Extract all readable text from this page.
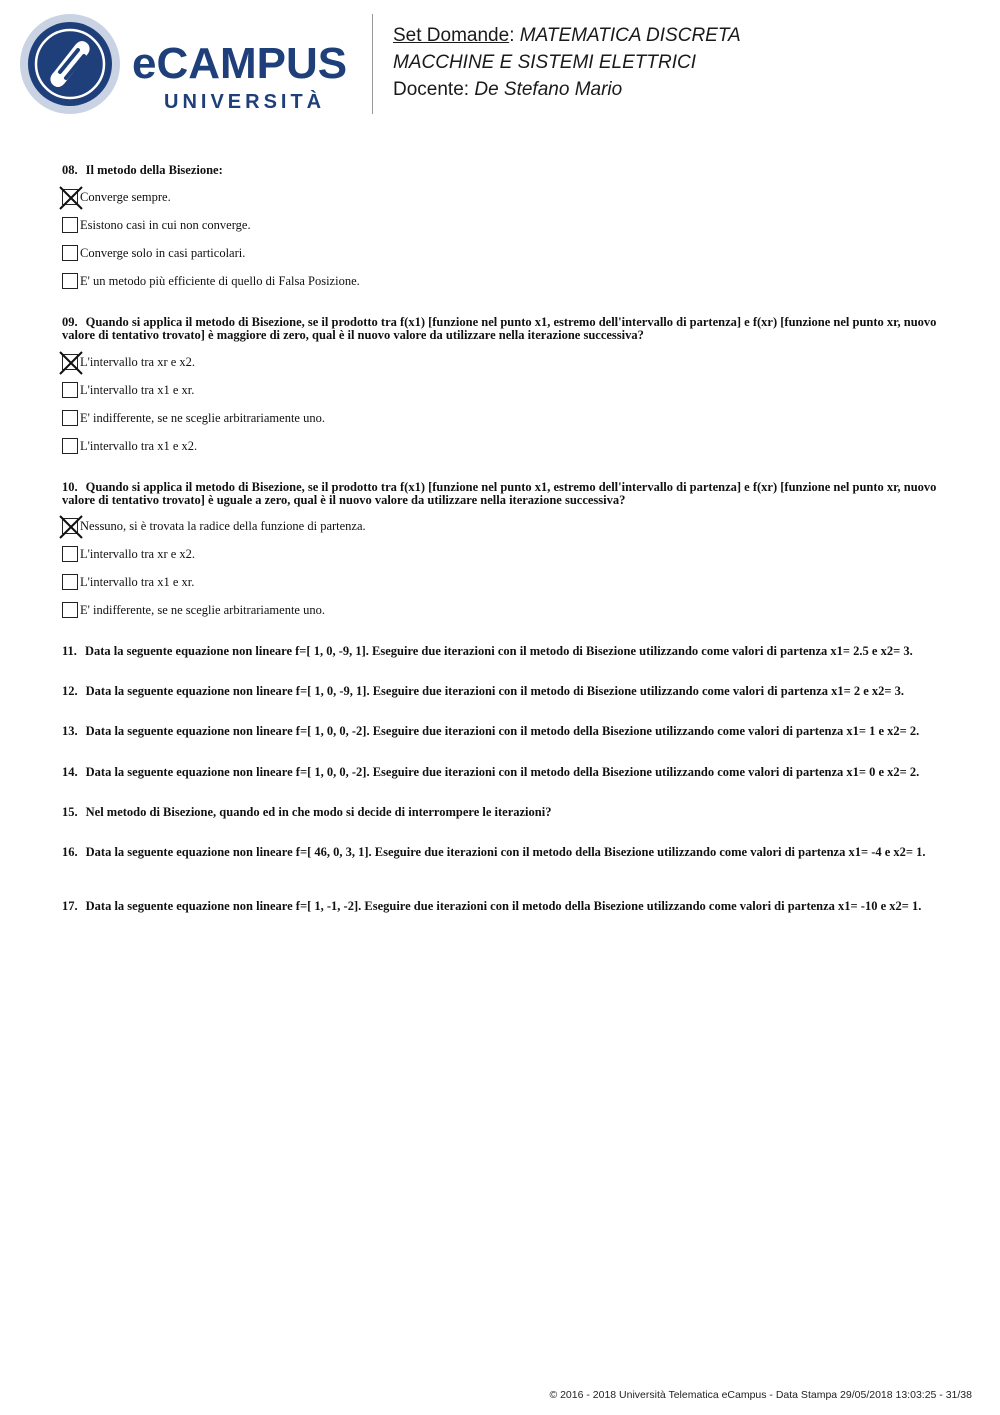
eCAMPUS
UNIVERSITÀ
Set Domande: MATEMATICA DISCRETA
MACCHINE E SISTEMI ELETTRICI
Docente: De Stefano Mario
08. Il metodo della Bisezione:
Converge sempre.
Esistono casi in cui non converge.
Converge solo in casi particolari.
E' un metodo più efficiente di quello di Falsa Posizione.
09. Quando si applica il metodo di Bisezione, se il prodotto tra f(x1) [funzione nel punto x1, estremo dell'intervallo di partenza] e f(xr) [funzione nel punto xr, nuovo valore di tentativo trovato] è maggiore di zero, qual è il nuovo valore da utilizzare nella iterazione successiva?
L'intervallo tra xr e x2.
L'intervallo tra x1 e xr.
E' indifferente, se ne sceglie arbitrariamente uno.
L'intervallo tra x1 e x2.
10. Quando si applica il metodo di Bisezione, se il prodotto tra f(x1) [funzione nel punto x1, estremo dell'intervallo di partenza] e f(xr) [funzione nel punto xr, nuovo valore di tentativo trovato] è uguale a zero, qual è il nuovo valore da utilizzare nella iterazione successiva?
Nessuno, si è trovata la radice della funzione di partenza.
L'intervallo tra xr e x2.
L'intervallo tra x1 e xr.
E' indifferente, se ne sceglie arbitrariamente uno.
11. Data la seguente equazione non lineare f=[ 1, 0, -9, 1]. Eseguire due iterazioni con il metodo di Bisezione utilizzando come valori di partenza x1= 2.5 e x2= 3.
12. Data la seguente equazione non lineare f=[ 1, 0, -9, 1]. Eseguire due iterazioni con il metodo di Bisezione utilizzando come valori di partenza x1= 2 e x2= 3.
13. Data la seguente equazione non lineare f=[ 1, 0, 0, -2]. Eseguire due iterazioni con il metodo della Bisezione utilizzando come valori di partenza x1= 1 e x2= 2.
14. Data la seguente equazione non lineare f=[ 1, 0, 0, -2]. Eseguire due iterazioni con il metodo della Bisezione utilizzando come valori di partenza x1= 0 e x2= 2.
15. Nel metodo di Bisezione, quando ed in che modo si decide di interrompere le iterazioni?
16. Data la seguente equazione non lineare f=[ 46, 0, 3, 1]. Eseguire due iterazioni con il metodo della Bisezione utilizzando come valori di partenza x1= -4 e x2= 1.
17. Data la seguente equazione non lineare f=[ 1, -1, -2]. Eseguire due iterazioni con il metodo della Bisezione utilizzando come valori di partenza x1= -10 e x2= 1.
© 2016 - 2018 Università Telematica eCampus - Data Stampa 29/05/2018 13:03:25 - 31/38
